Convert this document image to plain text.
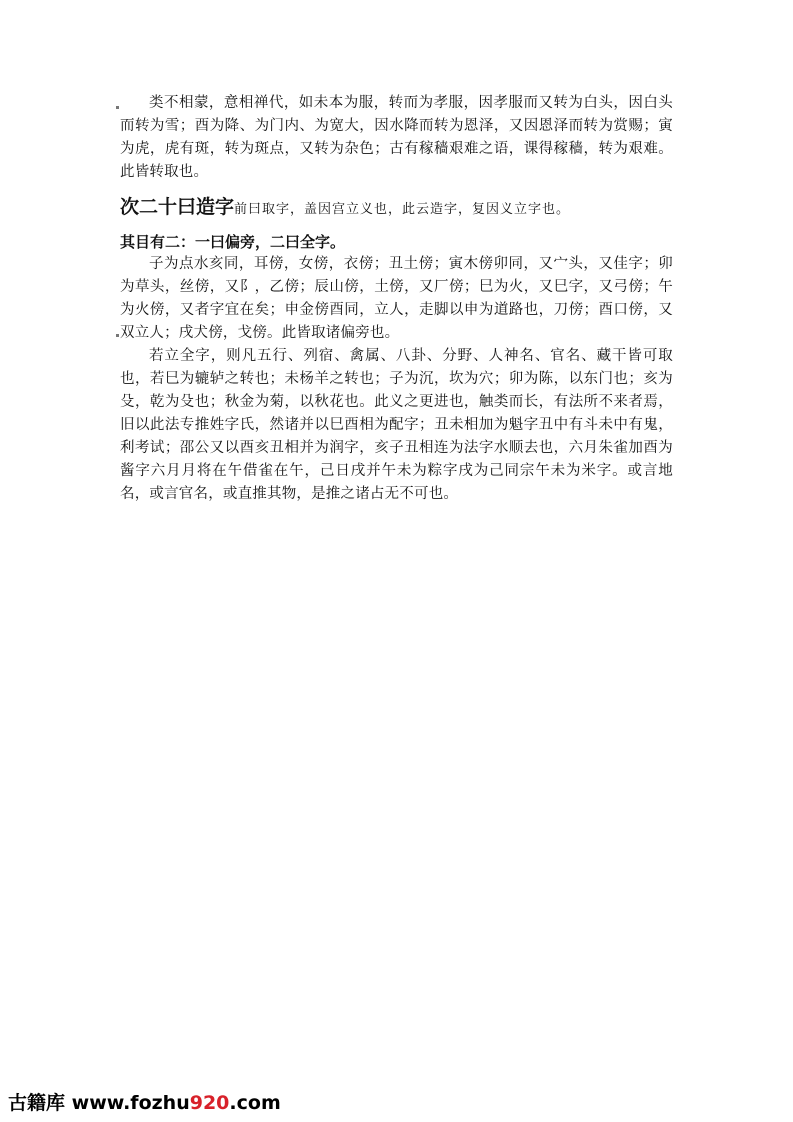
类不相蒙，意相禅代，如未本为服，转而为孝服，因孝服而又转为白头，因白头而转为雪；酉为降、为门内、为宽大，因水降而转为恩泽，又因恩泽而转为赏赐；寅为虎，虎有斑，转为斑点，又转为杂色；古有稼穑艰难之语，课得稼穑，转为艰难。此皆转取也。

次二十曰造字前曰取字，盖因宫立义也，此云造字，复因义立字也。

其目有二：一曰偏旁，二曰全字。

子为点水亥同，耳傍，女傍，衣傍；丑土傍；寅木傍卯同，又宀头，又佳字；卯为草头，丝傍，又阝，乙傍；辰山傍，土傍，又厂傍；巳为火，又巳字，又弓傍；午为火傍，又者字宜在矣；申金傍酉同，立人，走脚以申为道路也，刀傍；酉口傍，又双立人；戌犬傍，戈傍。此皆取诸偏旁也。

若立全字，则凡五行、列宿、禽属、八卦、分野、人神名、官名、藏干皆可取也，若巳为辘轳之转也；未杨羊之转也；子为沉，坎为穴；卯为陈，以东门也；亥为殳，乾为殳也；秋金为菊，以秋花也。此义之更进也，触类而长，有法所不来者焉，旧以此法专推姓字氏，然诸并以巳酉相为配字；丑未相加为魁字丑中有斗未中有鬼，利考试；邵公又以酉亥丑相并为润字，亥子丑相连为法字水顺去也，六月朱雀加酉为酱字六月月将在午借雀在午，己日戌并午未为粽字戌为己同宗午未为米字。或言地名，或言官名，或直推其物，是推之诸占无不可也。

古籍库 www.fozhu920.com
